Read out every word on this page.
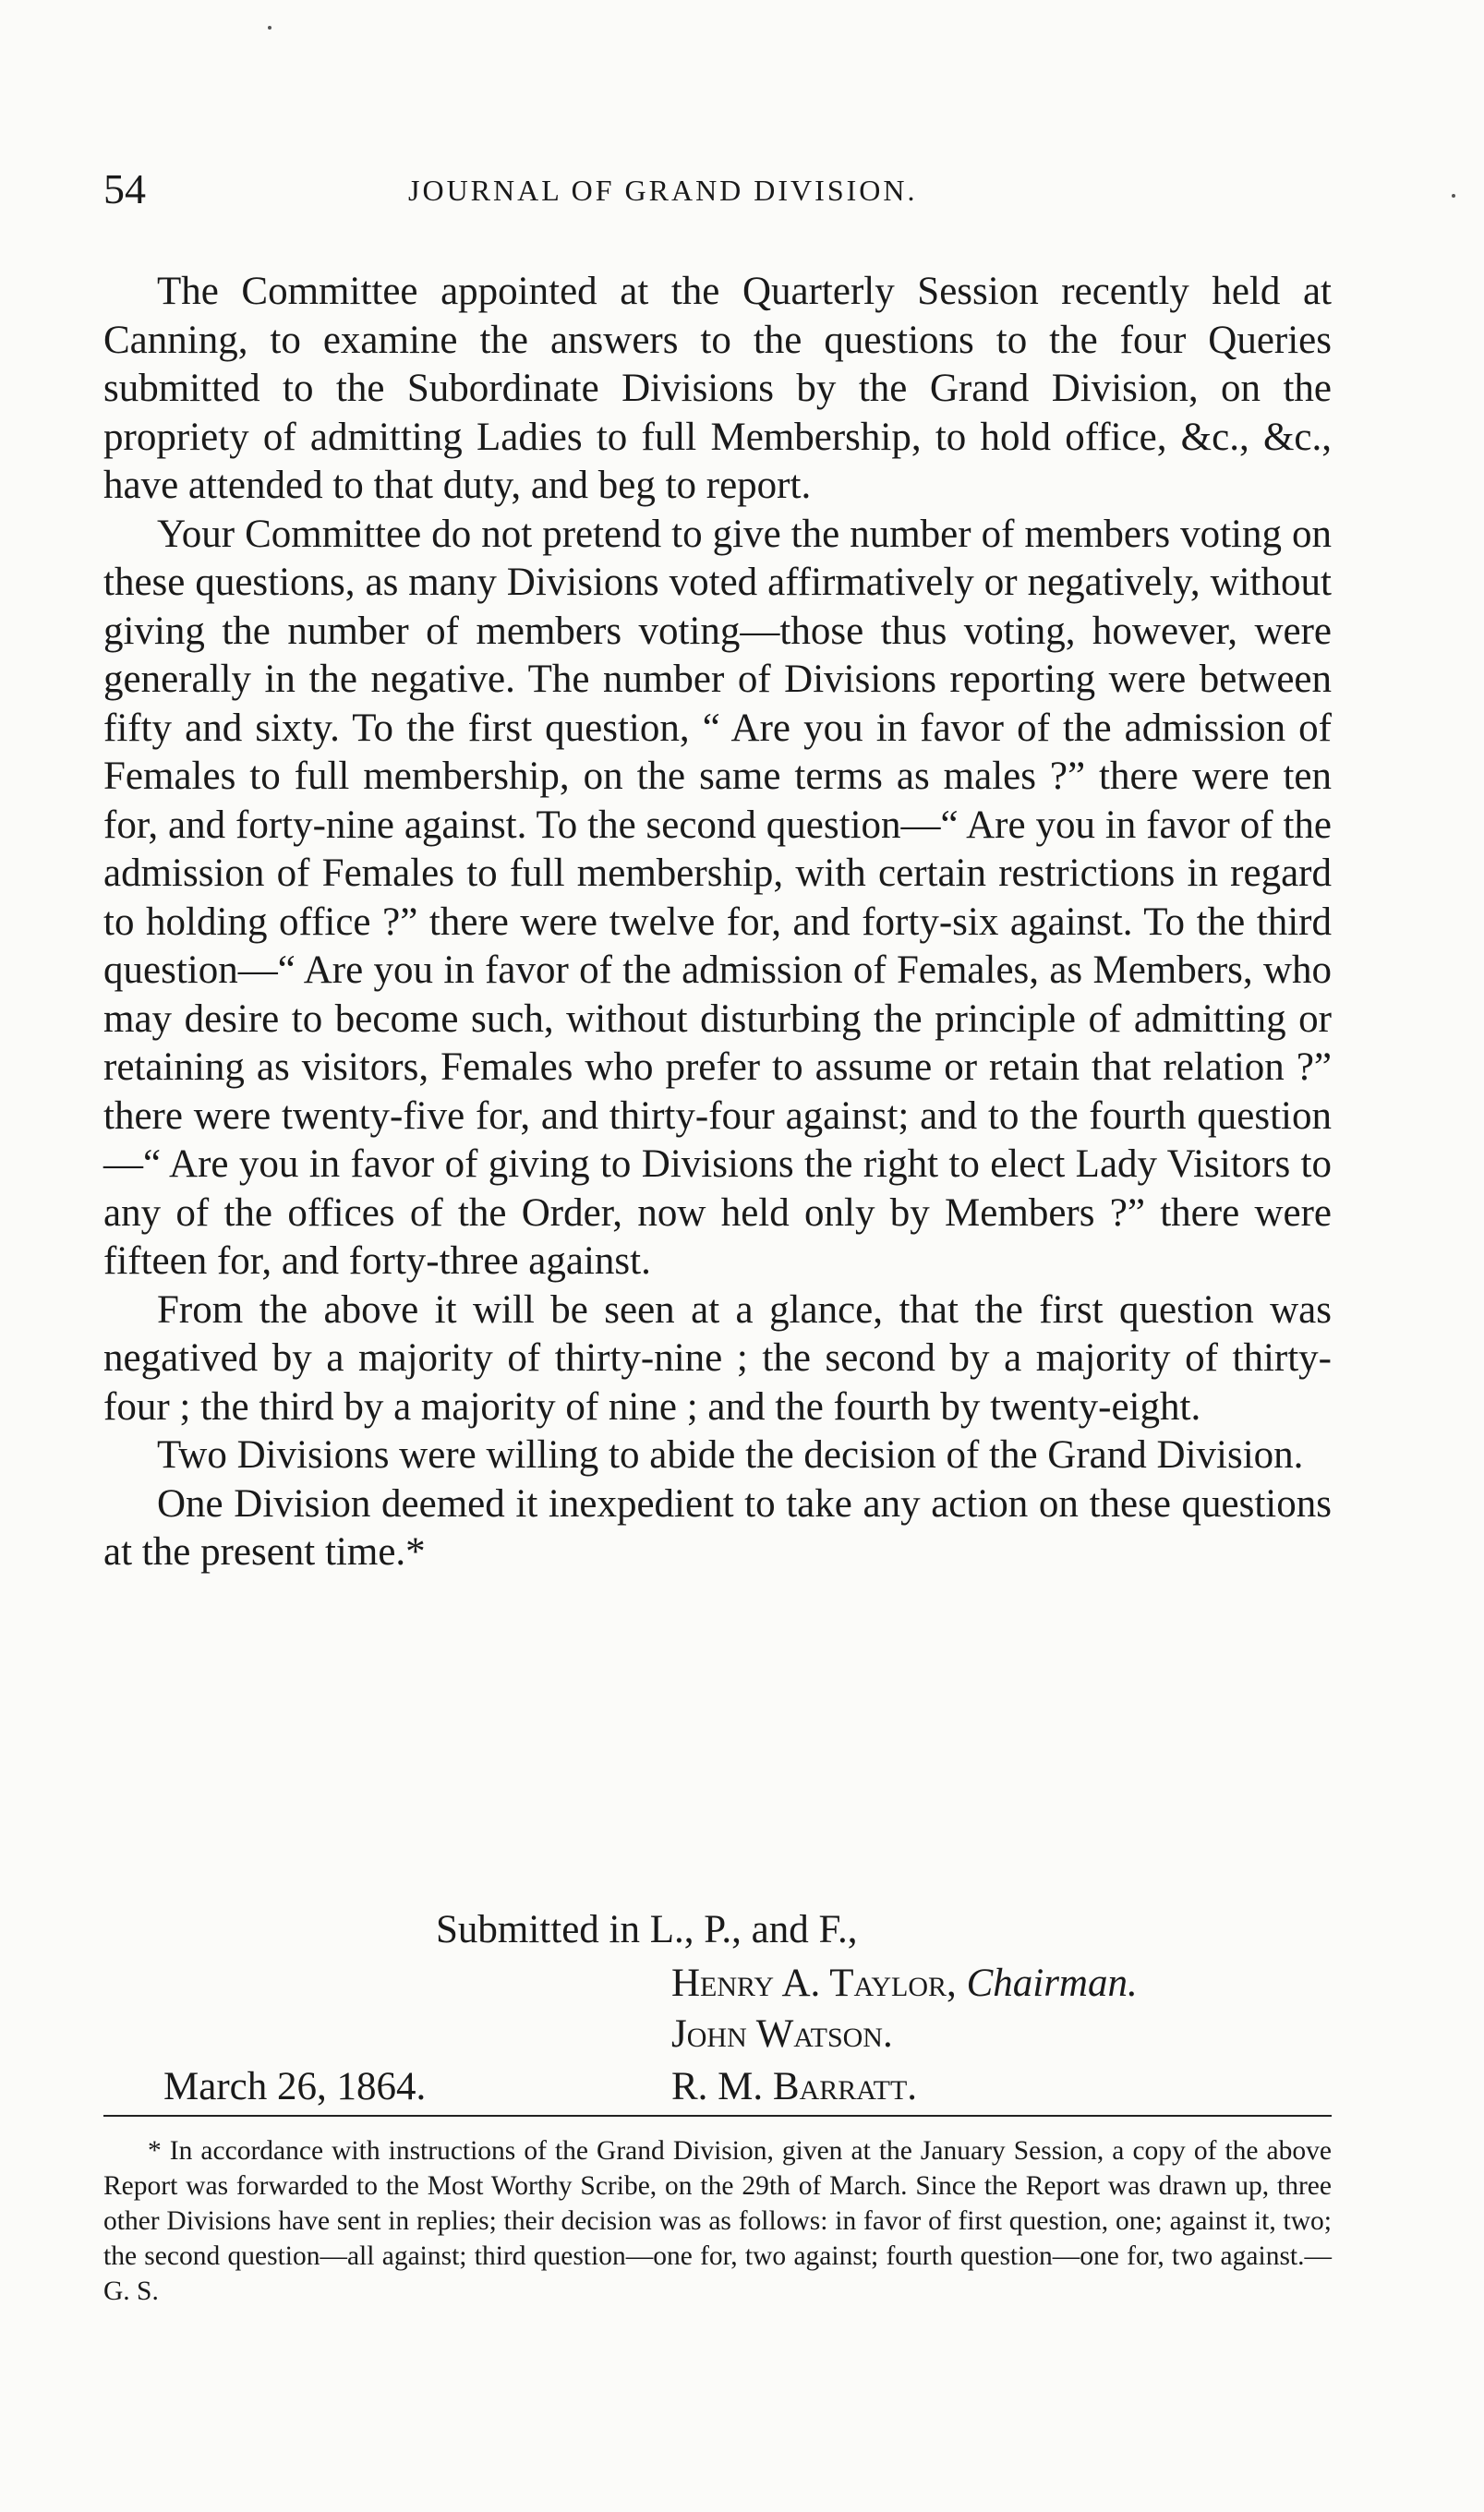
54	JOURNAL OF GRAND DIVISION.

The Committee appointed at the Quarterly Session recently held at Canning, to examine the answers to the questions to the four Queries submitted to the Subordinate Divisions by the Grand Division, on the propriety of admitting Ladies to full Membership, to hold office, &c., &c., have attended to that duty, and beg to report.

Your Committee do not pretend to give the number of members voting on these questions, as many Divisions voted affirmatively or negatively, without giving the number of members voting—those thus voting, however, were generally in the negative. The number of Divisions reporting were between fifty and sixty. To the first question, “ Are you in favor of the admission of Females to full membership, on the same terms as males ?” there were ten for, and forty-nine against. To the second question—“ Are you in favor of the admission of Females to full membership, with certain restrictions in regard to holding office ?” there were twelve for, and forty-six against. To the third question—“ Are you in favor of the admission of Females, as Members, who may desire to become such, without disturbing the principle of admitting or retaining as visitors, Females who prefer to assume or retain that relation ?” there were twenty-five for, and thirty-four against; and to the fourth question—“ Are you in favor of giving to Divisions the right to elect Lady Visitors to any of the offices of the Order, now held only by Members ?” there were fifteen for, and forty-three against.

From the above it will be seen at a glance, that the first question was negatived by a majority of thirty-nine ; the second by a majority of thirty-four ; the third by a majority of nine ; and the fourth by twenty-eight.

Two Divisions were willing to abide the decision of the Grand Division.

One Division deemed it inexpedient to take any action on these questions at the present time.*

Submitted in L., P., and F.,
Henry A. Taylor, Chairman.
John Watson.
March 26, 1864.	R. M. Barratt.

* In accordance with instructions of the Grand Division, given at the January Session, a copy of the above Report was forwarded to the Most Worthy Scribe, on the 29th of March. Since the Report was drawn up, three other Divisions have sent in replies; their decision was as follows: in favor of first question, one; against it, two; the second question—all against; third question—one for, two against; fourth question—one for, two against.—G. S.
